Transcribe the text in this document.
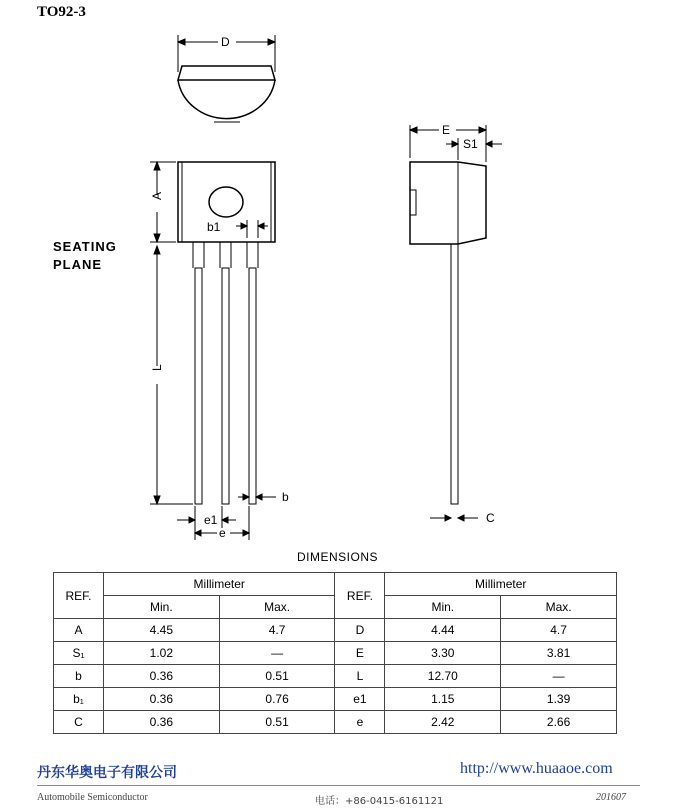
TO92-3
D
E
S1
A
b1
L
b
e1
e
C
SEATING
PLANE
DIMENSIONS
REF.	Millimeter		REF.	Millimeter	
	Min.	Max.		Min.	Max.
A	4.45	4.7	D	4.44	4.7
S₁	1.02	—	E	3.30	3.81
b	0.36	0.51	L	12.70	—
b₁	0.36	0.76	e1	1.15	1.39
C	0.36	0.51	e	2.42	2.66
丹东华奥电子有限公司	http://www.huaaoe.com
Automobile Semiconductor	电话：+86-0415-6161121	201607
